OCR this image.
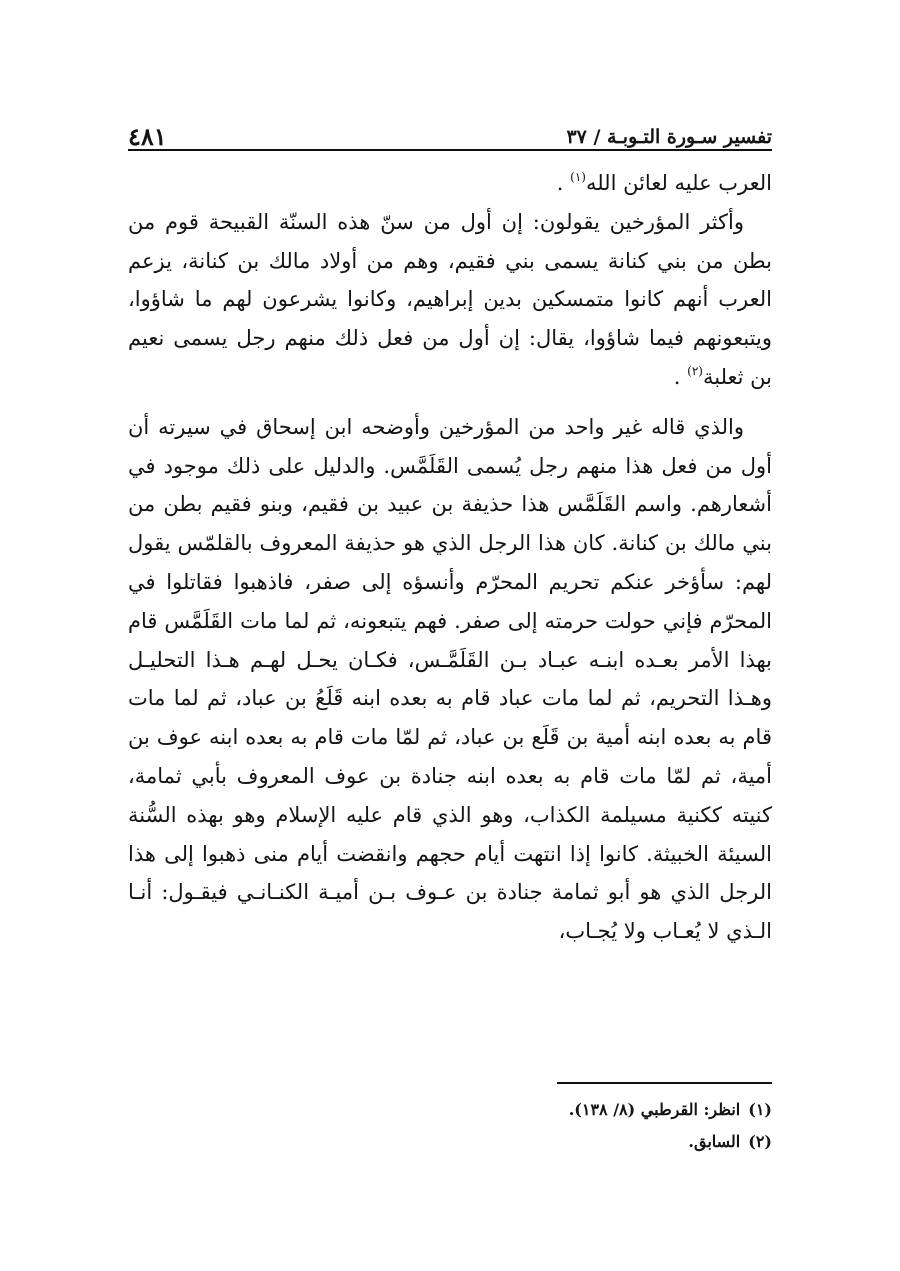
تفسير سـورة التـوبـة / ٣٧
٤٨١

العرب عليه لعائن الله$^{(١)}$ .

وأكثر المؤرخين يقولون: إن أول من سنّ هذه السنّة القبيحة قوم من بطن من بني كنانة يسمى بني فقيم، وهم من أولاد مالك بن كنانة، يزعم العرب أنهم كانوا متمسكين بدين إبراهيم، وكانوا يشرعون لهم ما شاؤوا، ويتبعونهم فيما شاؤوا، يقال: إن أول من فعل ذلك منهم رجل يسمى نعيم بن ثعلبة$^{(٢)}$ .

والذي قاله غير واحد من المؤرخين وأوضحه ابن إسحاق في سيرته أن أول من فعل هذا منهم رجل يُسمى القَلَمَّس. والدليل على ذلك موجود في أشعارهم. واسم القَلَمَّس هذا حذيفة بن عبيد بن فقيم، وبنو فقيم بطن من بني مالك بن كنانة. كان هذا الرجل الذي هو حذيفة المعروف بالقلمّس يقول لهم: سأؤخر عنكم تحريم المحرّم وأنسؤه إلى صفر، فاذهبوا فقاتلوا في المحرّم فإني حولت حرمته إلى صفر. فهم يتبعونه، ثم لما مات القَلَمَّس قام بهذا الأمر بعـده ابنـه عبـاد بـن القَلَمَّـس، فكـان يحـل لهـم هـذا التحليـل وهـذا التحريم، ثم لما مات عباد قام به بعده ابنه قَلَعُ بن عباد، ثم لما مات قام به بعده ابنه أمية بن قَلَع بن عباد، ثم لمّا مات قام به بعده ابنه عوف بن أمية، ثم لمّا مات قام به بعده ابنه جنادة بن عوف المعروف بأبي ثمامة، كنيته ككنية مسيلمة الكذاب، وهو الذي قام عليه الإسلام وهو بهذه السُّنة السيئة الخبيثة. كانوا إذا انتهت أيام حجهم وانقضت أيام منى ذهبوا إلى هذا الرجل الذي هو أبو ثمامة جنادة بن عـوف بـن أميـة الكنـانـي فيقـول: أنـا الـذي لا يُعـاب ولا يُجـاب،

(١)
انظر: القرطبي (٨/ ١٣٨).
(٢)
السابق.
